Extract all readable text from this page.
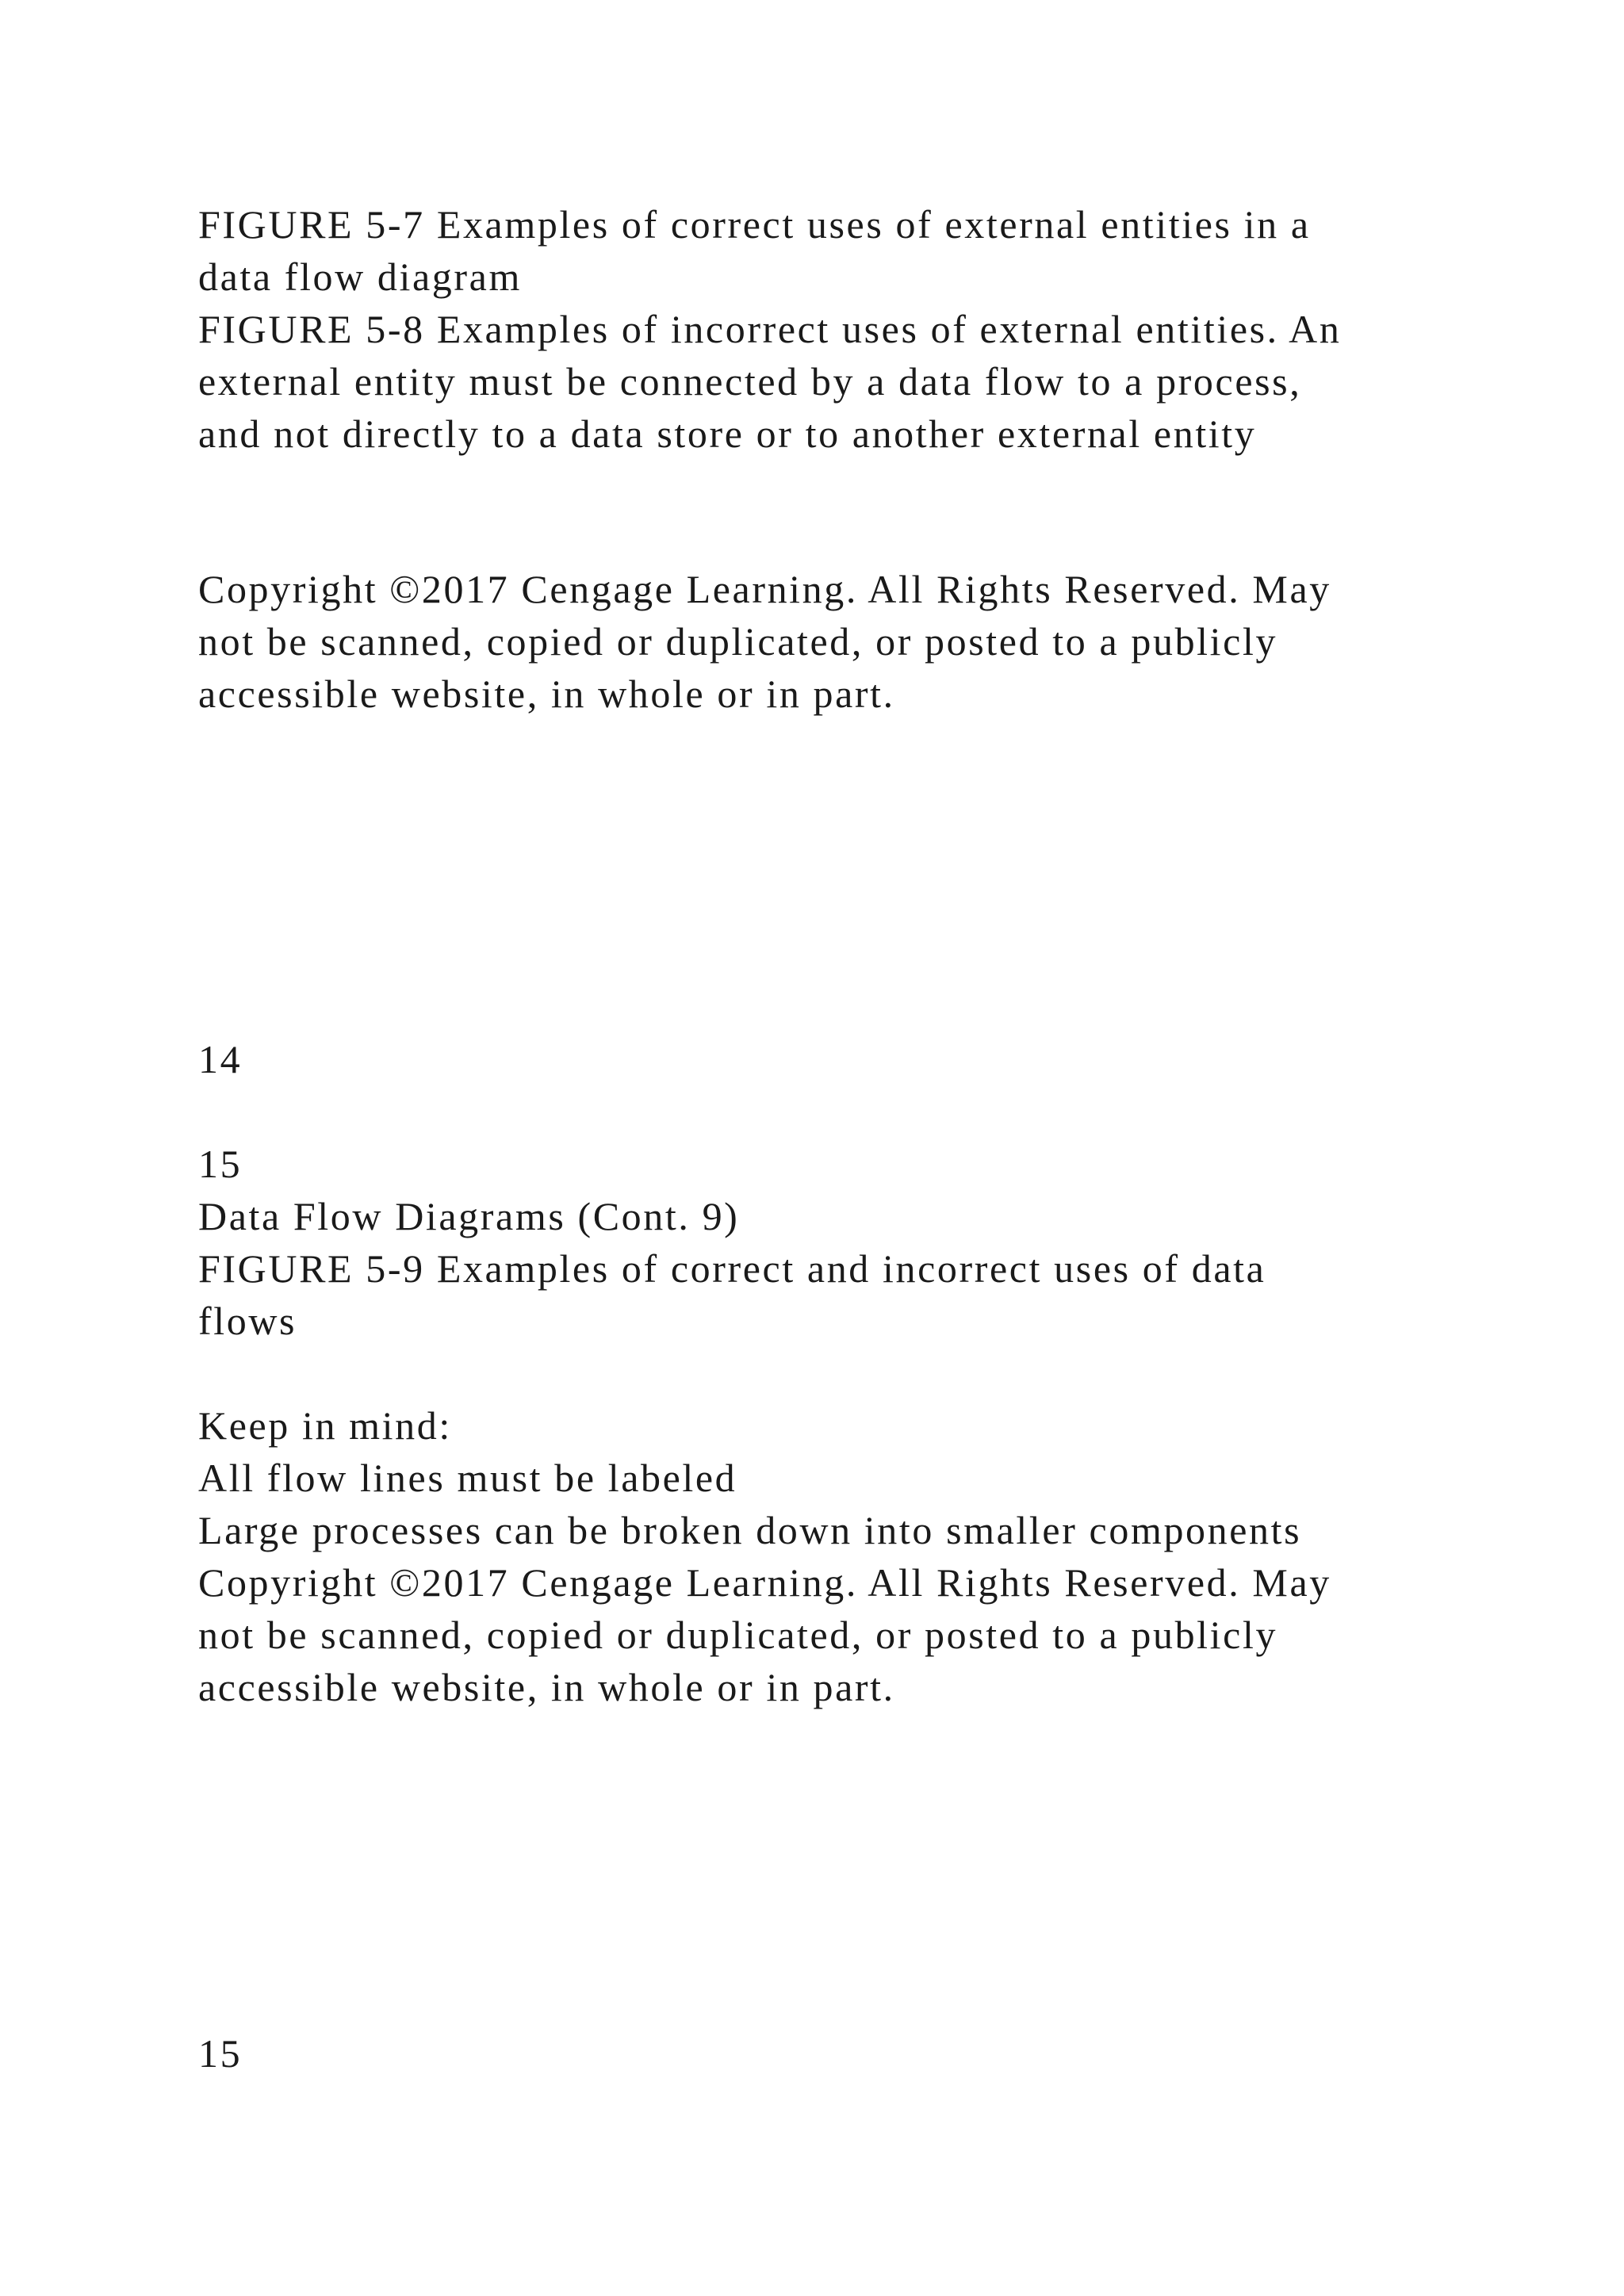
FIGURE 5-7 Examples of correct uses of external entities in a

data flow diagram

FIGURE 5-8 Examples of incorrect uses of external entities. An

external entity must be connected by a data flow to a process,

and not directly to a data store or to another external entity

Copyright ©2017 Cengage Learning. All Rights Reserved. May

not be scanned, copied or duplicated, or posted to a publicly

accessible website, in whole or in part.

14

15

Data Flow Diagrams (Cont. 9)

FIGURE 5-9 Examples of correct and incorrect uses of data

flows

Keep in mind:

All flow lines must be labeled

Large processes can be broken down into smaller components

Copyright ©2017 Cengage Learning. All Rights Reserved. May

not be scanned, copied or duplicated, or posted to a publicly

accessible website, in whole or in part.

15
